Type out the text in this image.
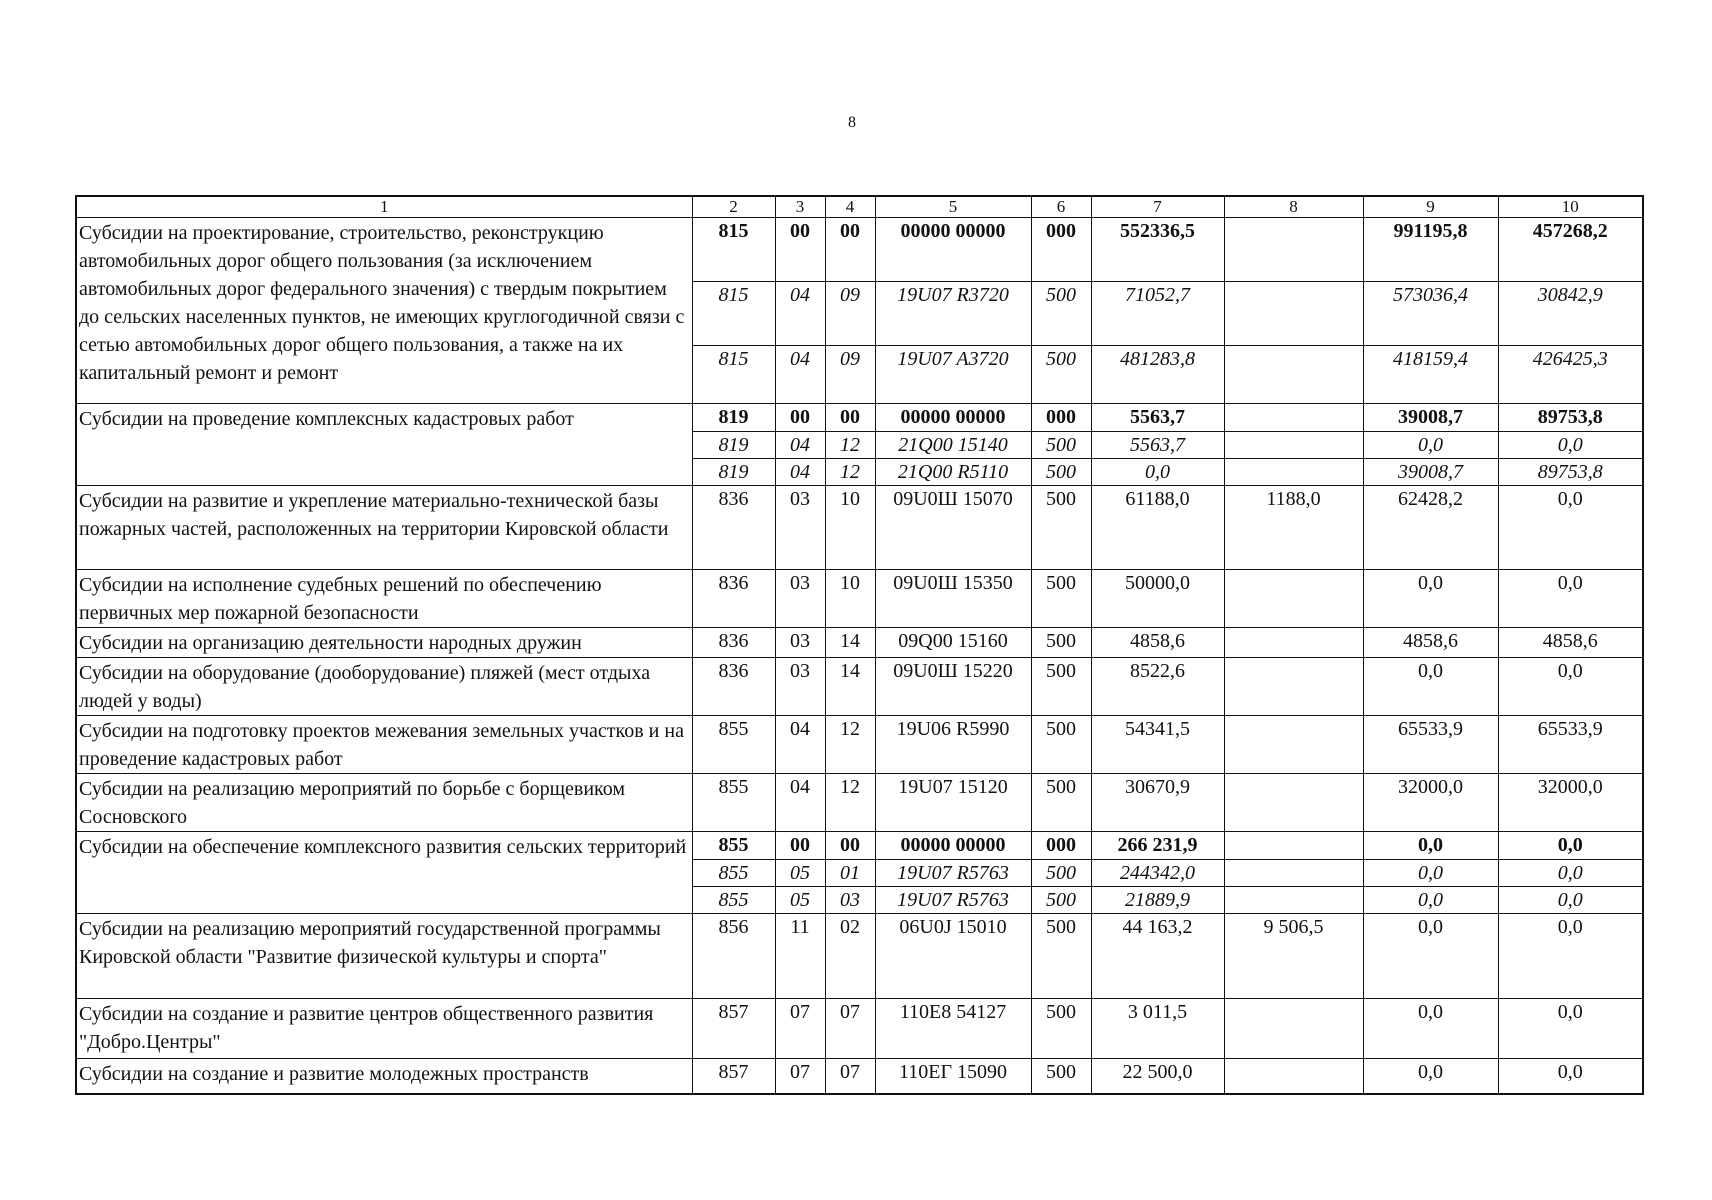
8
1	2	3	4	5	6	7	8	9	10
Субсидии на проектирование, строительство, реконструкцию автомобильных дорог общего пользования (за исключением автомобильных дорог федерального значения) с твердым покрытием до сельских населенных пунктов, не имеющих круглогодичной связи с сетью автомобильных дорог общего пользования, а также на их капитальный ремонт и ремонт	815	00	00	00000 00000	000	552336,5		991195,8	457268,2
	815	04	09	19U07 R3720	500	71052,7		573036,4	30842,9
	815	04	09	19U07 A3720	500	481283,8		418159,4	426425,3
Субсидии на проведение комплексных кадастровых работ	819	00	00	00000 00000	000	5563,7		39008,7	89753,8
	819	04	12	21Q00 15140	500	5563,7		0,0	0,0
	819	04	12	21Q00 R5110	500	0,0		39008,7	89753,8
Субсидии на развитие и укрепление материально-технической базы пожарных частей, расположенных на территории Кировской области	836	03	10	09U0Ш 15070	500	61188,0	1188,0	62428,2	0,0
Субсидии на исполнение судебных решений по обеспечению первичных мер пожарной безопасности	836	03	10	09U0Ш 15350	500	50000,0		0,0	0,0
Субсидии на организацию деятельности народных дружин	836	03	14	09Q00 15160	500	4858,6		4858,6	4858,6
Субсидии на оборудование (дооборудование) пляжей (мест отдыха людей у воды)	836	03	14	09U0Ш 15220	500	8522,6		0,0	0,0
Субсидии на подготовку проектов межевания земельных участков и на проведение кадастровых работ	855	04	12	19U06 R5990	500	54341,5		65533,9	65533,9
Субсидии на реализацию мероприятий по борьбе с борщевиком Сосновского	855	04	12	19U07 15120	500	30670,9		32000,0	32000,0
Субсидии на обеспечение комплексного развития сельских территорий	855	00	00	00000 00000	000	266 231,9		0,0	0,0
	855	05	01	19U07 R5763	500	244342,0		0,0	0,0
	855	05	03	19U07 R5763	500	21889,9		0,0	0,0
Субсидии на реализацию мероприятий государственной программы Кировской области "Развитие физической культуры и спорта"	856	11	02	06U0J 15010	500	44 163,2	9 506,5	0,0	0,0
Субсидии на создание и развитие центров общественного развития "Добро.Центры"	857	07	07	110E8 54127	500	3 011,5		0,0	0,0
Субсидии на создание и развитие молодежных пространств	857	07	07	110ЕГ 15090	500	22 500,0		0,0	0,0
